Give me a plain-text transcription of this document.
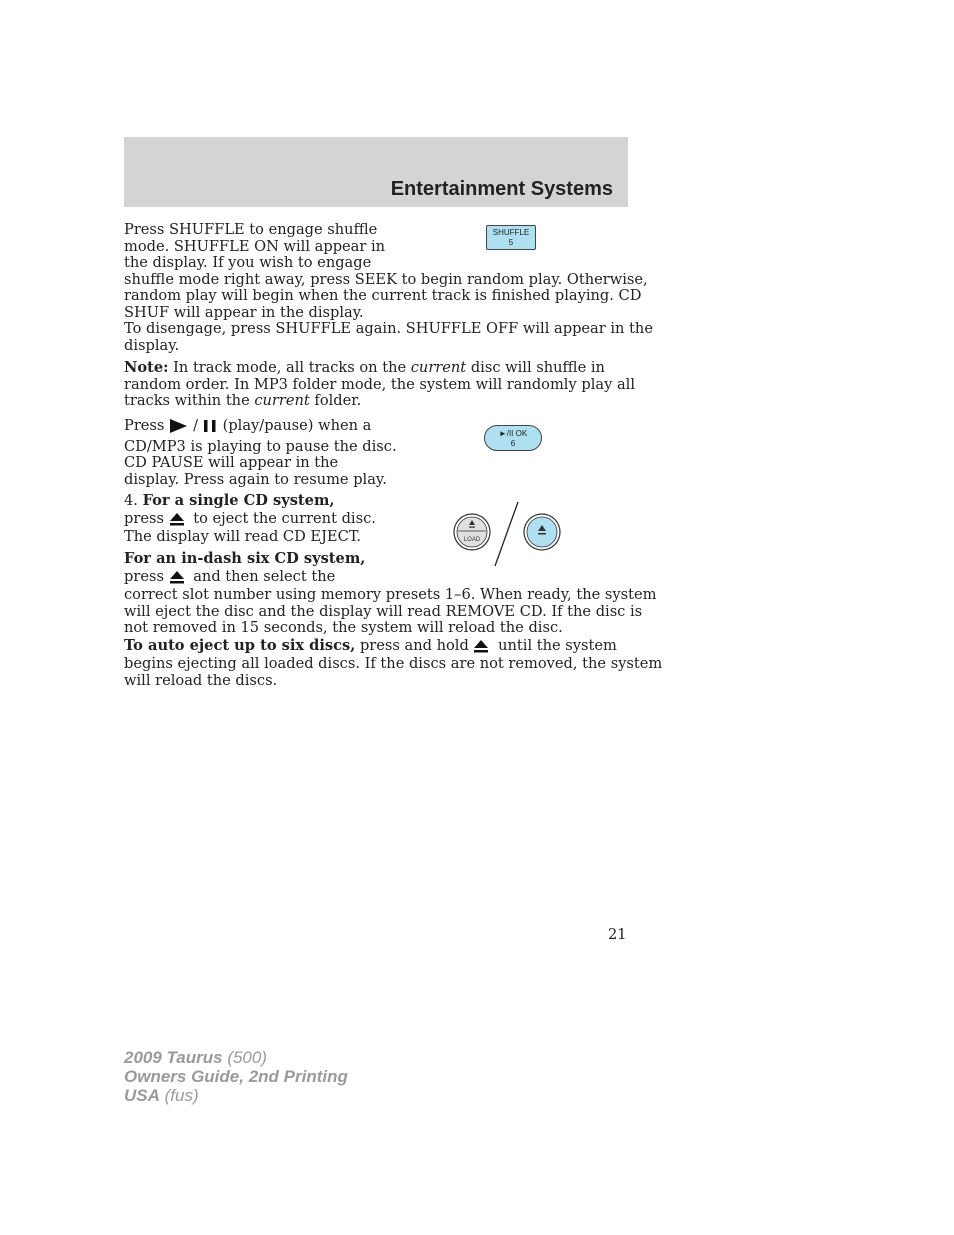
Entertainment Systems

Press SHUFFLE to engage shuffle

mode. SHUFFLE ON will appear in

the display. If you wish to engage

shuffle mode right away, press SEEK to begin random play. Otherwise,

random play will begin when the current track is finished playing. CD

SHUF will appear in the display.

To disengage, press SHUFFLE again. SHUFFLE OFF will appear in the

display.

SHUFFLE
5

Note: In track mode, all tracks on the current disc will shuffle in

random order. In MP3 folder mode, the system will randomly play all

tracks within the current folder.

Press / (play/pause) when a

CD/MP3 is playing to pause the disc.

CD PAUSE will appear in the

display. Press again to resume play.

►/II OK
6

4. For a single CD system,

press  to eject the current disc.

The display will read CD EJECT.

For an in-dash six CD system,

press  and then select the

correct slot number using memory presets 1–6. When ready, the system

will eject the disc and the display will read REMOVE CD. If the disc is

not removed in 15 seconds, the system will reload the disc.

To auto eject up to six discs, press and hold  until the system

begins ejecting all loaded discs. If the discs are not removed, the system

will reload the discs.

LOAD
21
2009 Taurus (500)
Owners Guide, 2nd Printing
USA (fus)
